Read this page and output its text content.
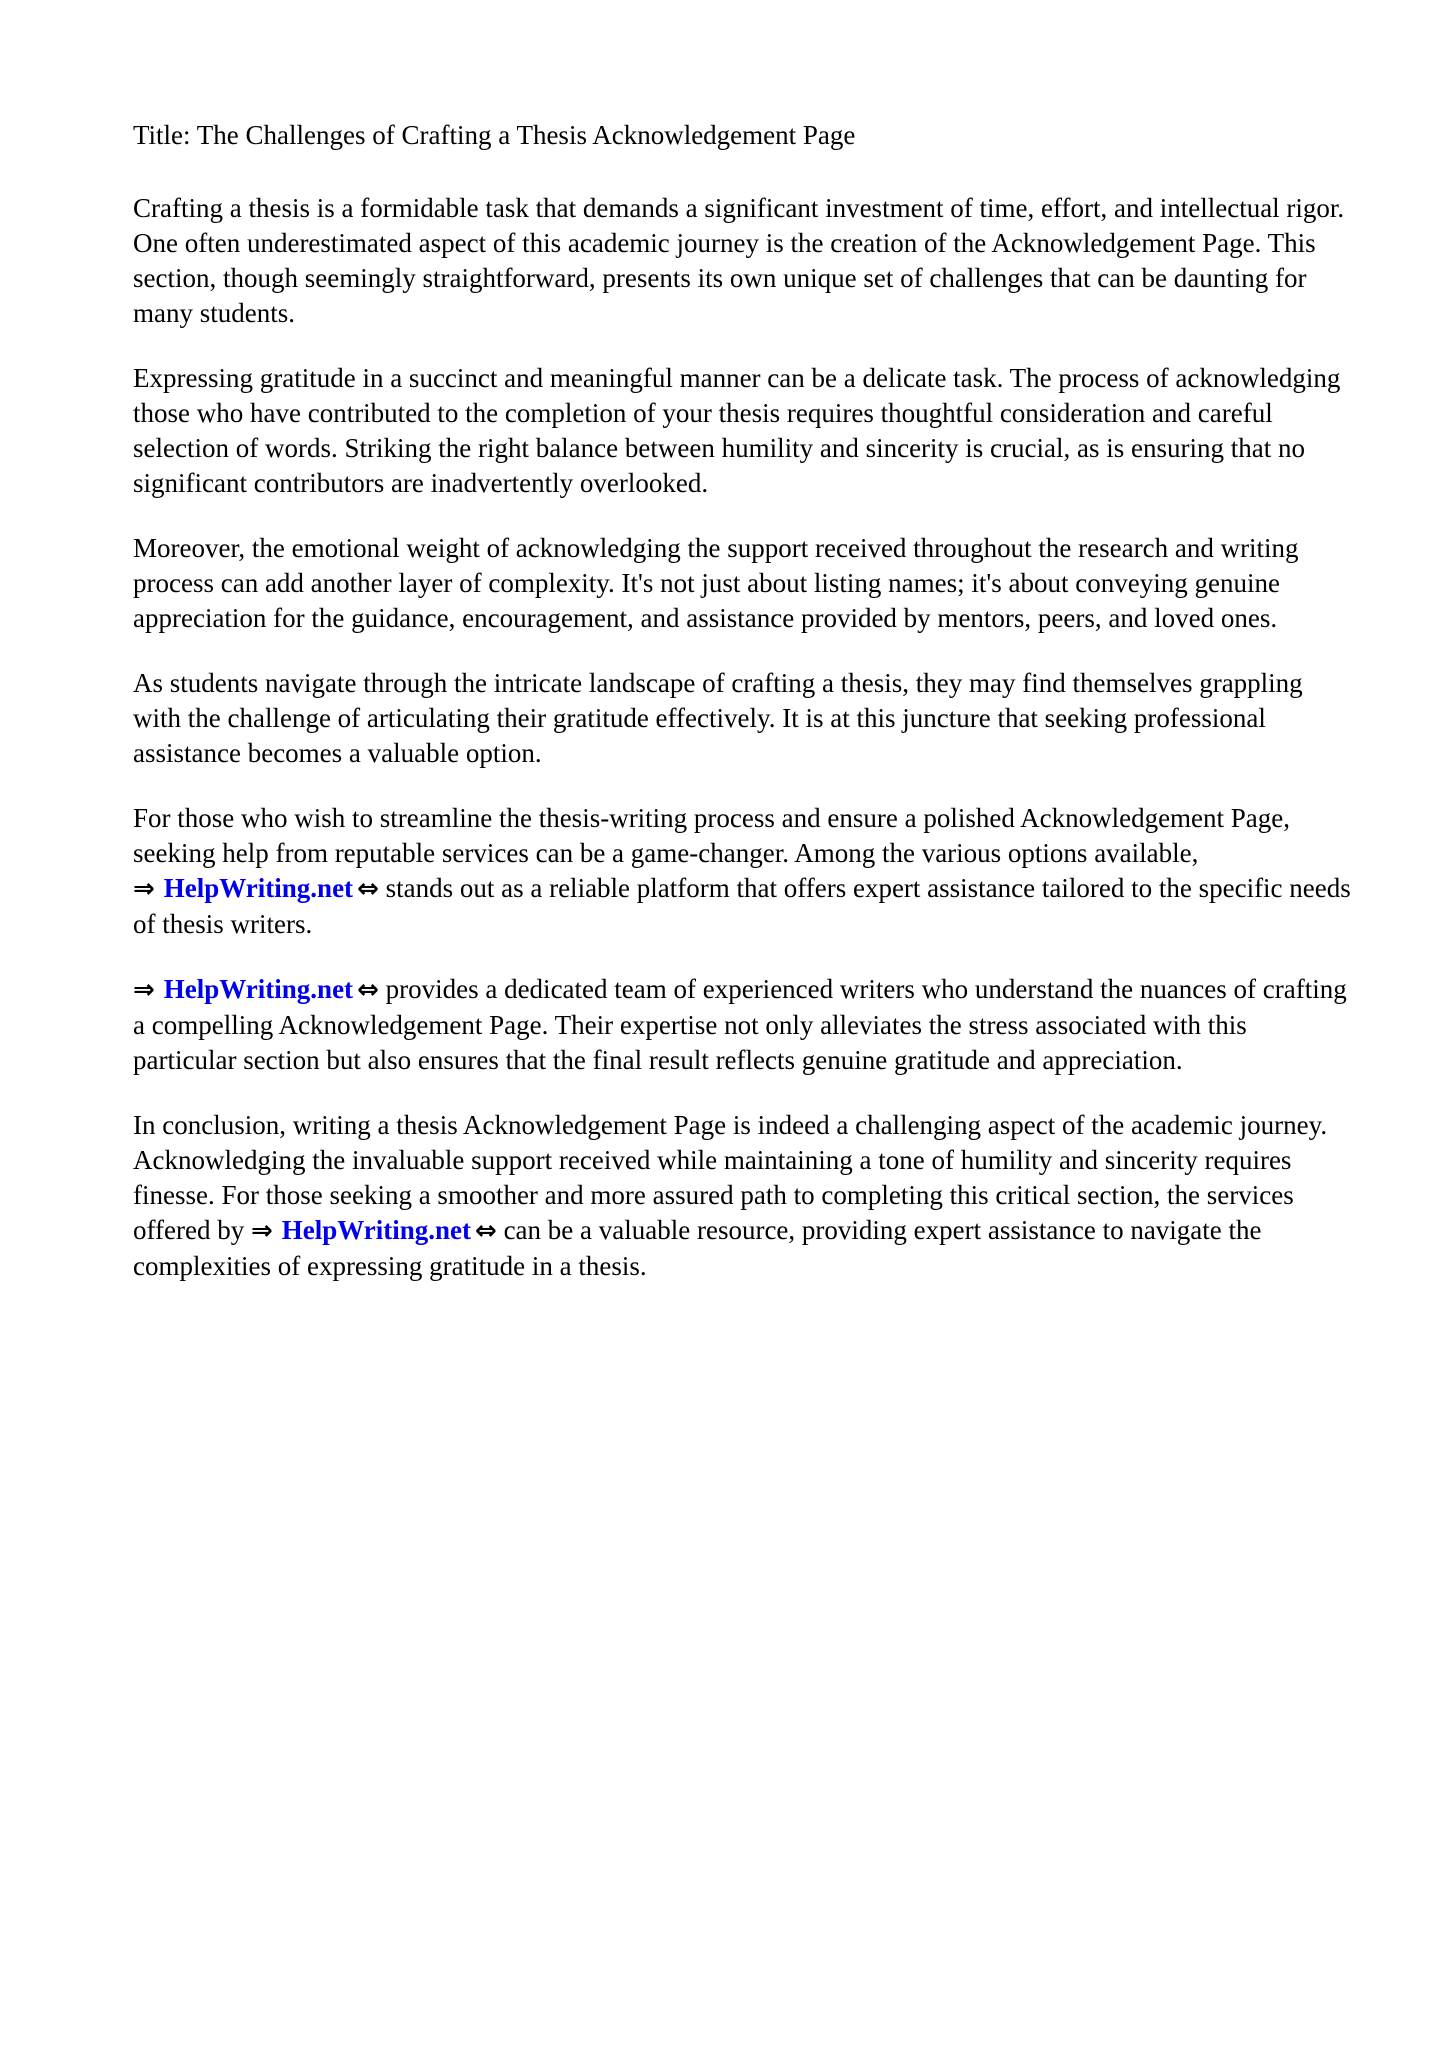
Title: The Challenges of Crafting a Thesis Acknowledgement Page

Crafting a thesis is a formidable task that demands a significant investment of time, effort, and intellectual rigor. One often underestimated aspect of this academic journey is the creation of the Acknowledgement Page. This section, though seemingly straightforward, presents its own unique set of challenges that can be daunting for many students.

Expressing gratitude in a succinct and meaningful manner can be a delicate task. The process of acknowledging those who have contributed to the completion of your thesis requires thoughtful consideration and careful selection of words. Striking the right balance between humility and sincerity is crucial, as is ensuring that no significant contributors are inadvertently overlooked.

Moreover, the emotional weight of acknowledging the support received throughout the research and writing process can add another layer of complexity. It's not just about listing names; it's about conveying genuine appreciation for the guidance, encouragement, and assistance provided by mentors, peers, and loved ones.

As students navigate through the intricate landscape of crafting a thesis, they may find themselves grappling with the challenge of articulating their gratitude effectively. It is at this juncture that seeking professional assistance becomes a valuable option.

For those who wish to streamline the thesis-writing process and ensure a polished Acknowledgement Page, seeking help from reputable services can be a game-changer. Among the various options available, ⇒ HelpWriting.net ⇔ stands out as a reliable platform that offers expert assistance tailored to the specific needs of thesis writers.

⇒ HelpWriting.net ⇔ provides a dedicated team of experienced writers who understand the nuances of crafting a compelling Acknowledgement Page. Their expertise not only alleviates the stress associated with this particular section but also ensures that the final result reflects genuine gratitude and appreciation.

In conclusion, writing a thesis Acknowledgement Page is indeed a challenging aspect of the academic journey. Acknowledging the invaluable support received while maintaining a tone of humility and sincerity requires finesse. For those seeking a smoother and more assured path to completing this critical section, the services offered by ⇒ HelpWriting.net ⇔ can be a valuable resource, providing expert assistance to navigate the complexities of expressing gratitude in a thesis.
